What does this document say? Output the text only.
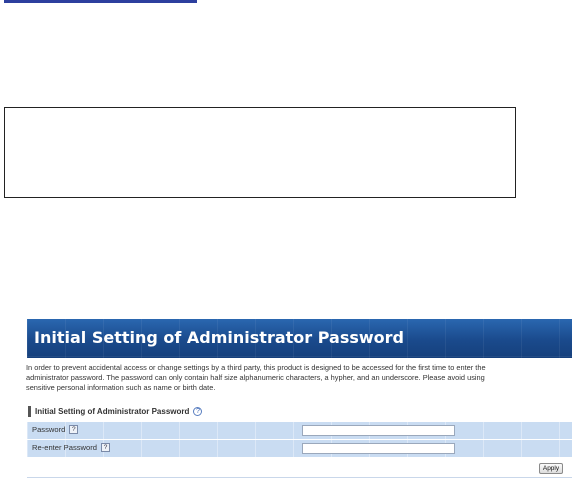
Initial Setting of Administrator Password
In order to prevent accidental access or change settings by a third party, this product is designed to be accessed for the first time to enter the
administrator password. The password can only contain half size alphanumeric characters, a hypher, and an underscore. Please avoid using
sensitive personal information such as name or birth date.
Initial Setting of Administrator Password ?
Password	?
Re-enter Password	?
Apply
